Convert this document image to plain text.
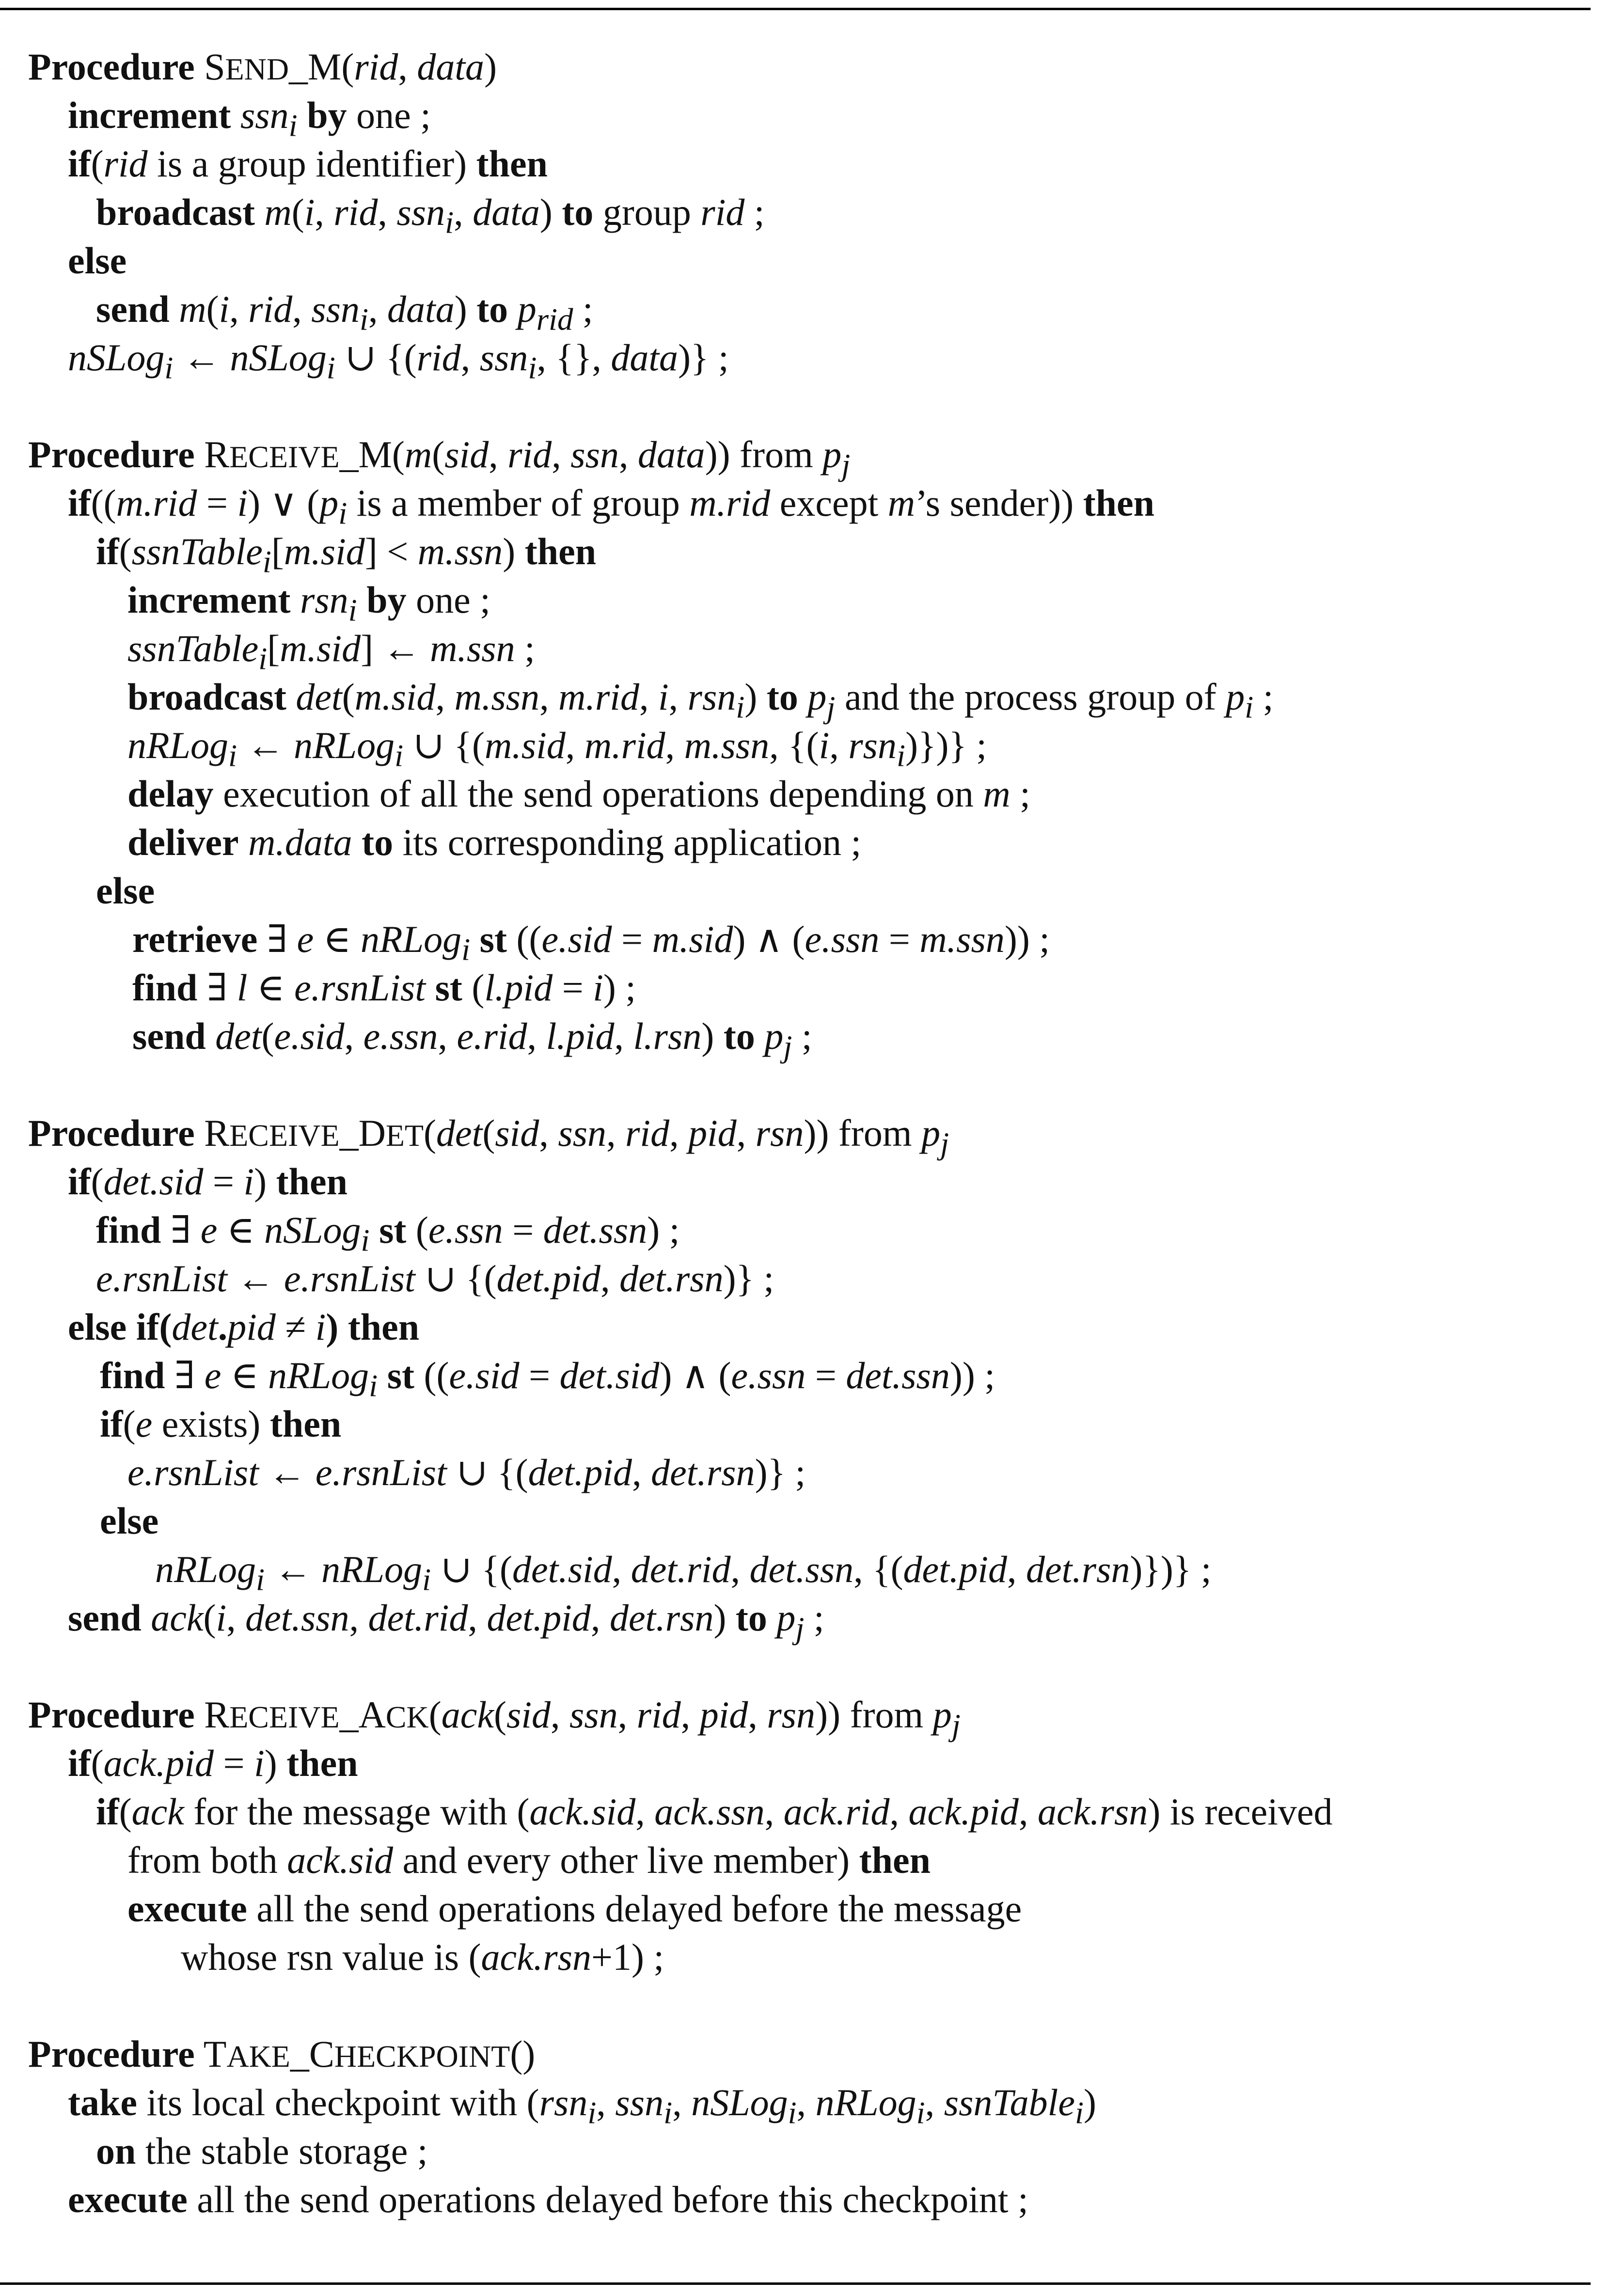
Procedure SEND_M(rid, data)
increment ssn$_i$ by one ;
if(rid is a group identifier) then
broadcast m(i, rid, ssn$_i$, data) to group rid ;
else
send m(i, rid, ssn$_i$, data) to $p_{rid}$ ;
nSLog$_i$ ← nSLog$_i$ ∪ {(rid, ssn$_i$, {}, data)} ;
Procedure RECEIVE_M(m(sid, rid, ssn, data)) from $p_j$
if((m.rid = i) ∨ ($p_i$ is a member of group m.rid except m’s sender)) then
if(ssnTable$_i$[m.sid] < m.ssn) then
increment rsn$_i$ by one ;
ssnTable$_i$[m.sid] ← m.ssn ;
broadcast det(m.sid, m.ssn, m.rid, i, rsn$_i$) to $p_j$ and the process group of $p_i$ ;
nRLog$_i$ ← nRLog$_i$ ∪ {(m.sid, m.rid, m.ssn, {(i, rsn$_i$)})} ;
delay execution of all the send operations depending on m ;
deliver m.data to its corresponding application ;
else
retrieve ∃ e ∈ nRLog$_i$ st ((e.sid = m.sid) ∧ (e.ssn = m.ssn)) ;
find ∃ l ∈ e.rsnList st (l.pid = i) ;
send det(e.sid, e.ssn, e.rid, l.pid, l.rsn) to $p_j$ ;
Procedure RECEIVE_DET(det(sid, ssn, rid, pid, rsn)) from $p_j$
if(det.sid = i) then
find ∃ e ∈ nSLog$_i$ st (e.ssn = det.ssn) ;
e.rsnList ← e.rsnList ∪ {(det.pid, det.rsn)} ;
else if(det.pid ≠ i) then
find ∃ e ∈ nRLog$_i$ st ((e.sid = det.sid) ∧ (e.ssn = det.ssn)) ;
if(e exists) then
e.rsnList ← e.rsnList ∪ {(det.pid, det.rsn)} ;
else
nRLog$_i$ ← nRLog$_i$ ∪ {(det.sid, det.rid, det.ssn, {(det.pid, det.rsn)})} ;
send ack(i, det.ssn, det.rid, det.pid, det.rsn) to $p_j$ ;
Procedure RECEIVE_ACK(ack(sid, ssn, rid, pid, rsn)) from $p_j$
if(ack.pid = i) then
if(ack for the message with (ack.sid, ack.ssn, ack.rid, ack.pid, ack.rsn) is received
from both ack.sid and every other live member) then
execute all the send operations delayed before the message
whose rsn value is (ack.rsn+1) ;
Procedure TAKE_CHECKPOINT()
take its local checkpoint with (rsn$_i$, ssn$_i$, nSLog$_i$, nRLog$_i$, ssnTable$_i$)
on the stable storage ;
execute all the send operations delayed before this checkpoint ;
